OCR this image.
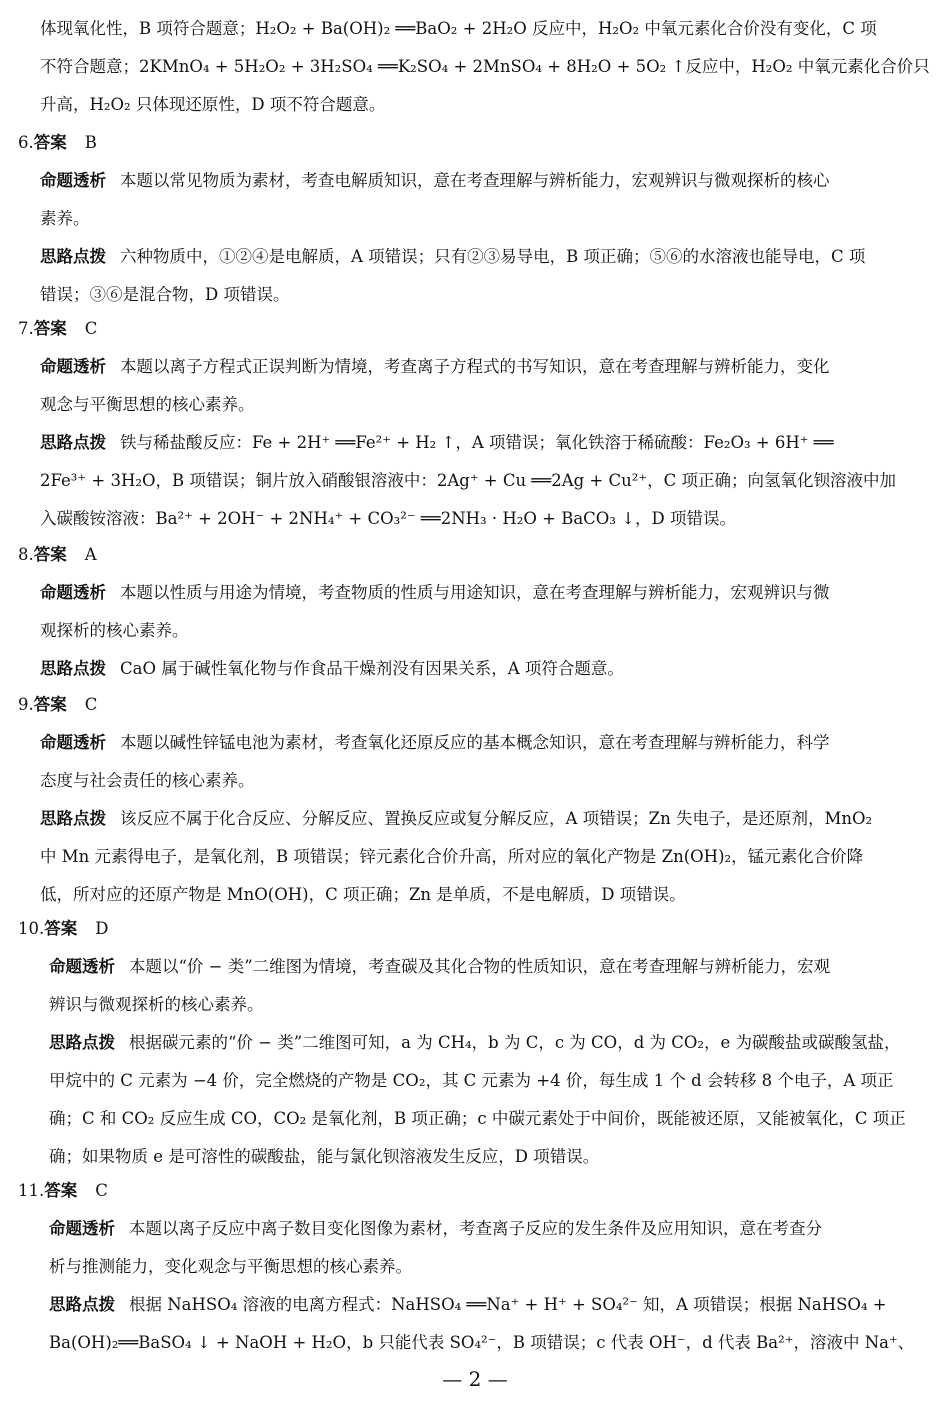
体现氧化性，B 项符合题意；H₂O₂ + Ba(OH)₂ ══BaO₂ + 2H₂O 反应中，H₂O₂ 中氧元素化合价没有变化，C 项
不符合题意；2KMnO₄ + 5H₂O₂ + 3H₂SO₄ ══K₂SO₄ + 2MnSO₄ + 8H₂O + 5O₂ ↑反应中，H₂O₂ 中氧元素化合价只
升高，H₂O₂ 只体现还原性，D 项不符合题意。
6.答案 B
命题透析 本题以常见物质为素材，考查电解质知识，意在考查理解与辨析能力，宏观辨识与微观探析的核心
素养。
思路点拨 六种物质中，①②④是电解质，A 项错误；只有②③易导电，B 项正确；⑤⑥的水溶液也能导电，C 项
错误；③⑥是混合物，D 项错误。
7.答案 C
命题透析 本题以离子方程式正误判断为情境，考查离子方程式的书写知识，意在考查理解与辨析能力，变化
观念与平衡思想的核心素养。
思路点拨 铁与稀盐酸反应：Fe + 2H⁺ ══Fe²⁺ + H₂ ↑，A 项错误；氧化铁溶于稀硫酸：Fe₂O₃ + 6H⁺ ══
2Fe³⁺ + 3H₂O，B 项错误；铜片放入硝酸银溶液中：2Ag⁺ + Cu ══2Ag + Cu²⁺，C 项正确；向氢氧化钡溶液中加
入碳酸铵溶液：Ba²⁺ + 2OH⁻ + 2NH₄⁺ + CO₃²⁻ ══2NH₃ · H₂O + BaCO₃ ↓，D 项错误。
8.答案 A
命题透析 本题以性质与用途为情境，考查物质的性质与用途知识，意在考查理解与辨析能力，宏观辨识与微
观探析的核心素养。
思路点拨 CaO 属于碱性氧化物与作食品干燥剂没有因果关系，A 项符合题意。
9.答案 C
命题透析 本题以碱性锌锰电池为素材，考查氧化还原反应的基本概念知识，意在考查理解与辨析能力，科学
态度与社会责任的核心素养。
思路点拨 该反应不属于化合反应、分解反应、置换反应或复分解反应，A 项错误；Zn 失电子，是还原剂，MnO₂
中 Mn 元素得电子，是氧化剂，B 项错误；锌元素化合价升高，所对应的氧化产物是 Zn(OH)₂，锰元素化合价降
低，所对应的还原产物是 MnO(OH)，C 项正确；Zn 是单质，不是电解质，D 项错误。
10.答案 D
命题透析 本题以“价 − 类”二维图为情境，考查碳及其化合物的性质知识，意在考查理解与辨析能力，宏观
辨识与微观探析的核心素养。
思路点拨 根据碳元素的“价 − 类”二维图可知，a 为 CH₄，b 为 C，c 为 CO，d 为 CO₂，e 为碳酸盐或碳酸氢盐，
甲烷中的 C 元素为 −4 价，完全燃烧的产物是 CO₂，其 C 元素为 +4 价，每生成 1 个 d 会转移 8 个电子，A 项正
确；C 和 CO₂ 反应生成 CO，CO₂ 是氧化剂，B 项正确；c 中碳元素处于中间价，既能被还原，又能被氧化，C 项正
确；如果物质 e 是可溶性的碳酸盐，能与氯化钡溶液发生反应，D 项错误。
11.答案 C
命题透析 本题以离子反应中离子数目变化图像为素材，考查离子反应的发生条件及应用知识，意在考查分
析与推测能力，变化观念与平衡思想的核心素养。
思路点拨 根据 NaHSO₄ 溶液的电离方程式：NaHSO₄ ══Na⁺ + H⁺ + SO₄²⁻ 知，A 项错误；根据 NaHSO₄ +
Ba(OH)₂══BaSO₄ ↓ + NaOH + H₂O，b 只能代表 SO₄²⁻，B 项错误；c 代表 OH⁻，d 代表 Ba²⁺，溶液中 Na⁺、
— 2 —
